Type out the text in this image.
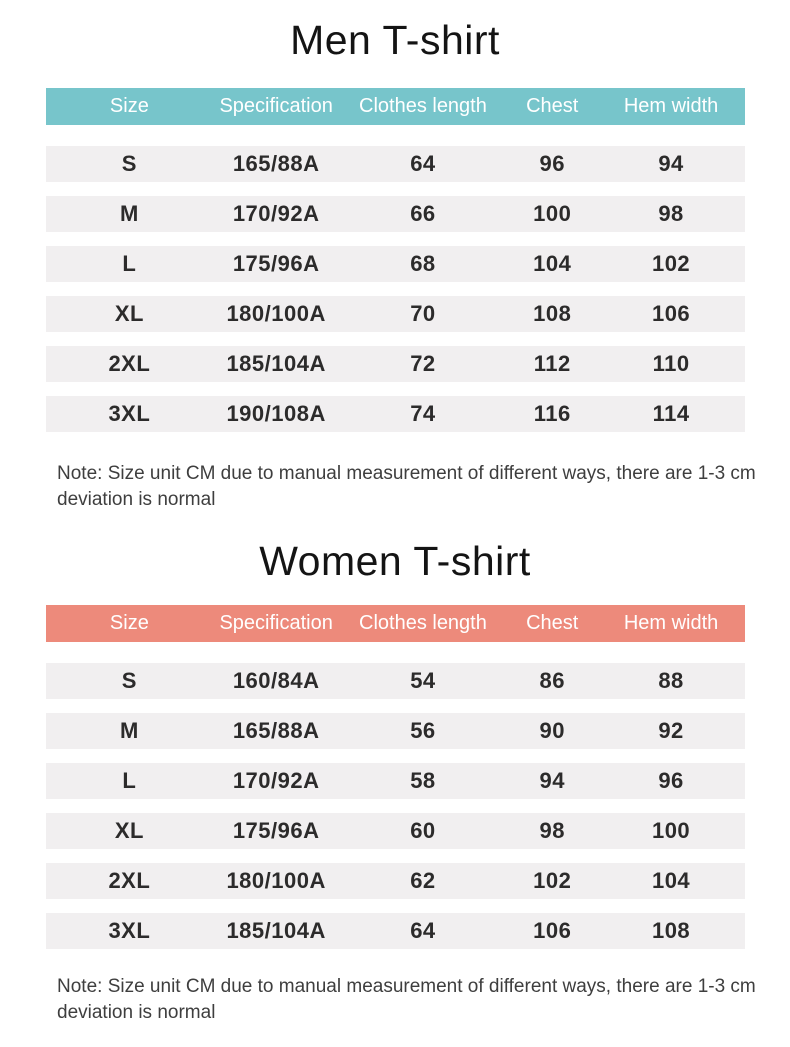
Men T-shirt
Size	Specification	Clothes length	Chest	Hem width
S	165/88A	64	96	94
M	170/92A	66	100	98
L	175/96A	68	104	102
XL	180/100A	70	108	106
2XL	185/104A	72	112	110
3XL	190/108A	74	116	114
Note: Size unit CM due to manual measurement of different ways, there are 1-3 cm
deviation is normal
Women T-shirt
Size	Specification	Clothes length	Chest	Hem width
S	160/84A	54	86	88
M	165/88A	56	90	92
L	170/92A	58	94	96
XL	175/96A	60	98	100
2XL	180/100A	62	102	104
3XL	185/104A	64	106	108
Note: Size unit CM due to manual measurement of different ways, there are 1-3 cm
deviation is normal
